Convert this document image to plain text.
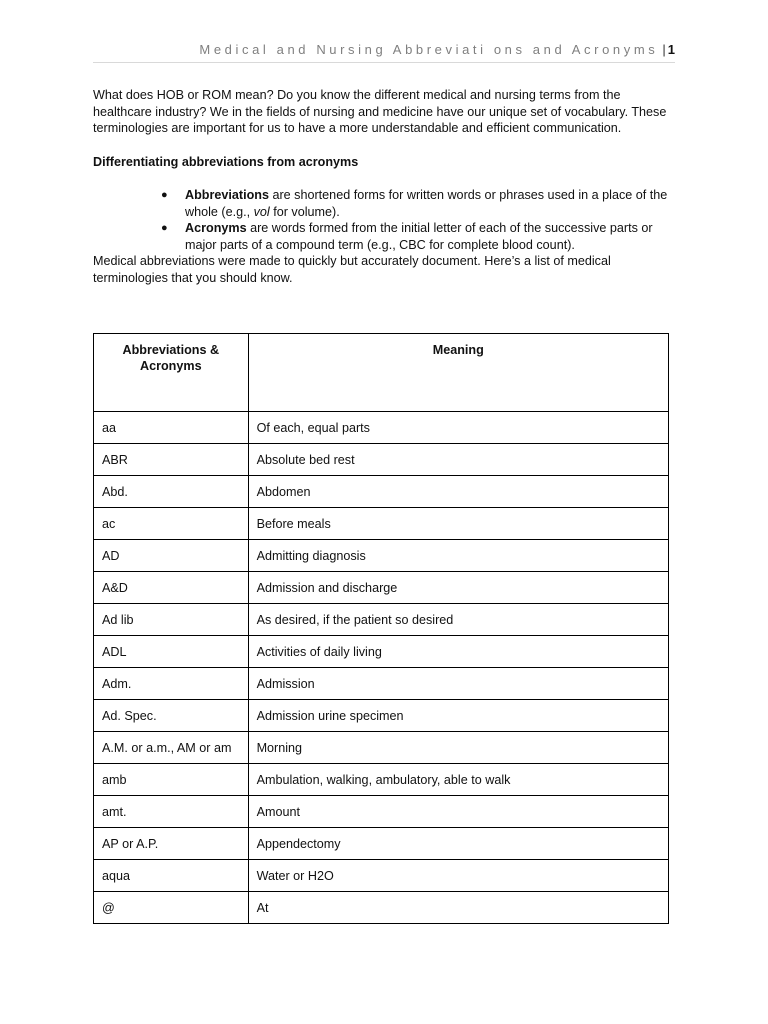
Medical and Nursing Abbreviati ons and Acronyms | 1

What does HOB or ROM mean? Do you know the different medical and nursing terms from the healthcare industry? We in the fields of nursing and medicine have our unique set of vocabulary. These terminologies are important for us to have a more understandable and efficient communication.

Differentiating abbreviations from acronyms

● Abbreviations are shortened forms for written words or phrases used in a place of the whole (e.g., vol for volume).
● Acronyms are words formed from the initial letter of each of the successive parts or major parts of a compound term (e.g., CBC for complete blood count).

Medical abbreviations were made to quickly but accurately document. Here’s a list of medical terminologies that you should know.

Abbreviations & Acronyms	Meaning
aa	Of each, equal parts
ABR	Absolute bed rest
Abd.	Abdomen
ac	Before meals
AD	Admitting diagnosis
A&D	Admission and discharge
Ad lib	As desired, if the patient so desired
ADL	Activities of daily living
Adm.	Admission
Ad. Spec.	Admission urine specimen
A.M. or a.m., AM or am	Morning
amb	Ambulation, walking, ambulatory, able to walk
amt.	Amount
AP or A.P.	Appendectomy
aqua	Water or H2O
@	At
